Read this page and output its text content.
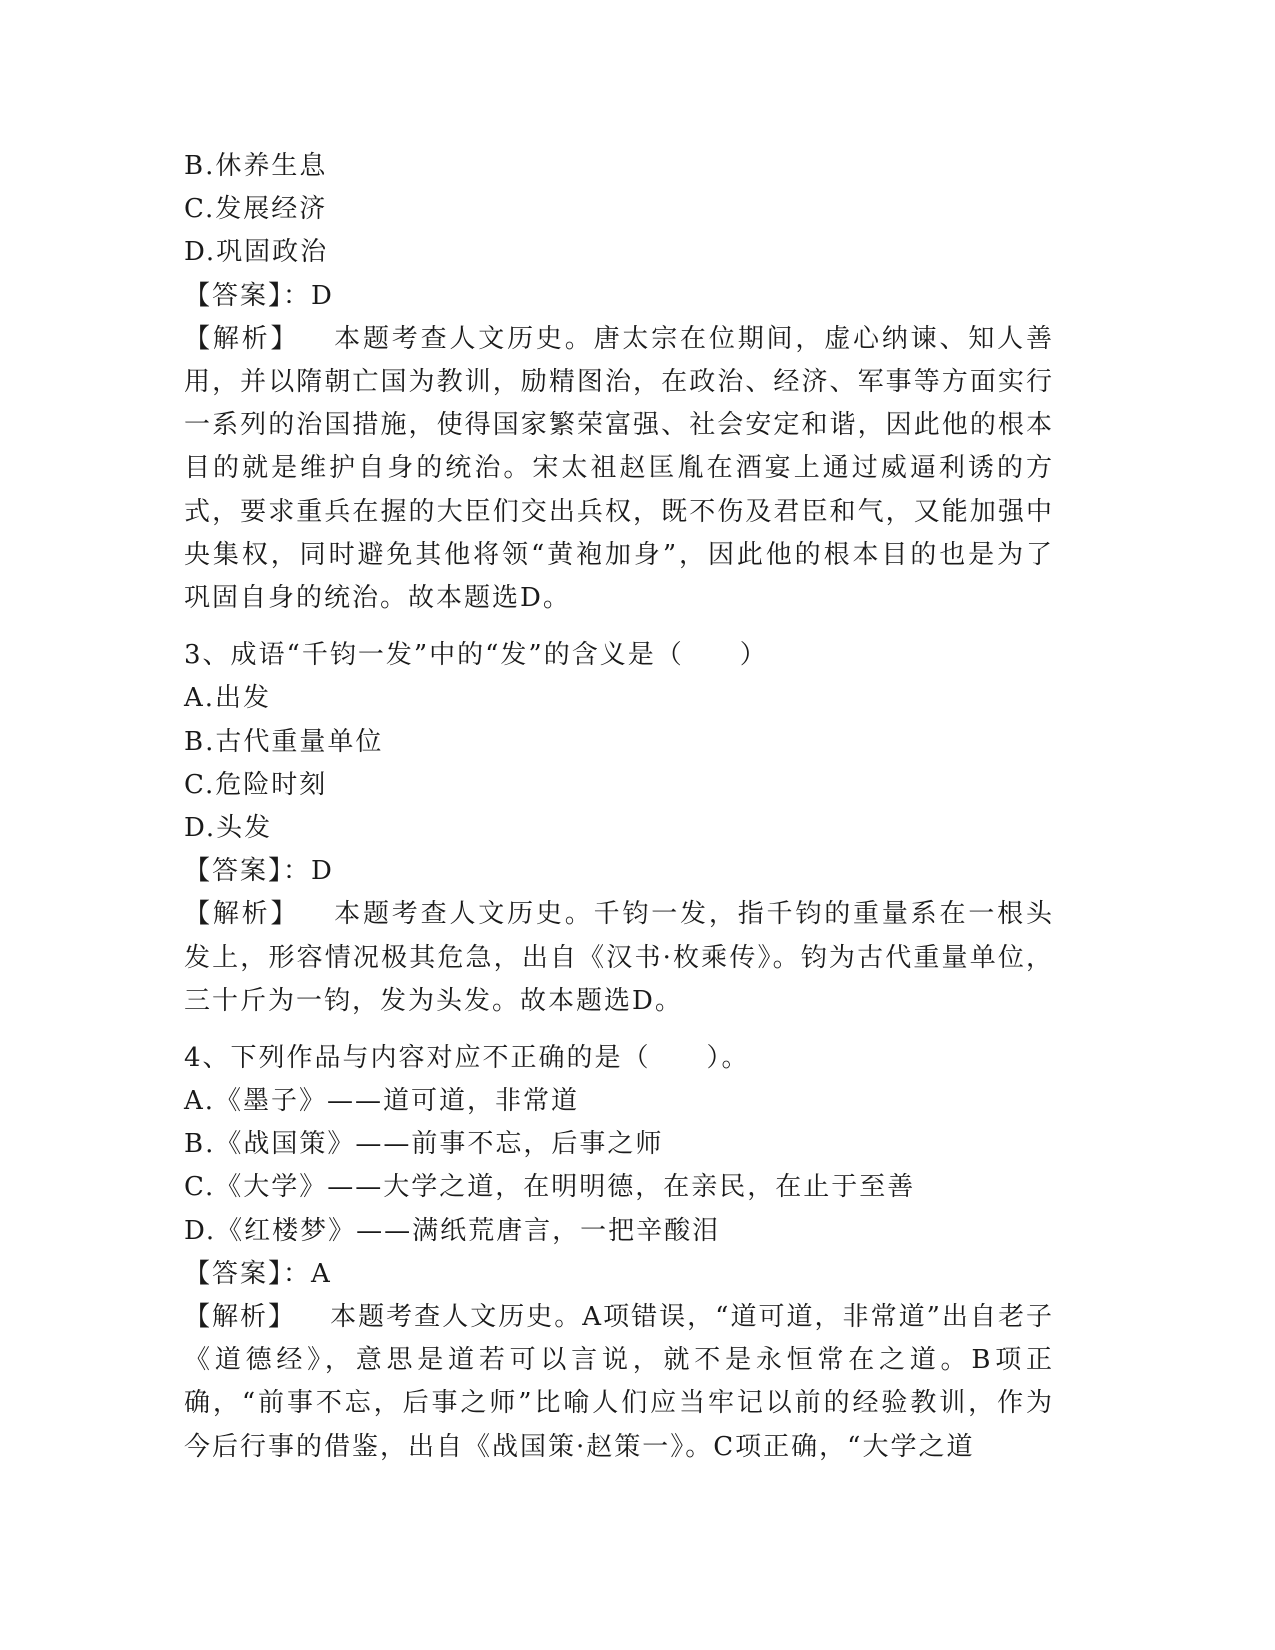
B.休养生息
C.发展经济
D.巩固政治
【答案】：D
【解析】 本题考查人文历史。唐太宗在位期间，虚心纳谏、知人善用，并以隋朝亡国为教训，励精图治，在政治、经济、军事等方面实行一系列的治国措施，使得国家繁荣富强、社会安定和谐，因此他的根本目的就是维护自身的统治。宋太祖赵匡胤在酒宴上通过威逼利诱的方式，要求重兵在握的大臣们交出兵权，既不伤及君臣和气，又能加强中央集权，同时避免其他将领“黄袍加身”，因此他的根本目的也是为了巩固自身的统治。故本题选D。
3、成语“千钧一发”中的“发”的含义是（　　）
A.出发
B.古代重量单位
C.危险时刻
D.头发
【答案】：D
【解析】 本题考查人文历史。千钧一发，指千钧的重量系在一根头发上，形容情况极其危急，出自《汉书·枚乘传》。钧为古代重量单位，三十斤为一钧，发为头发。故本题选D。
4、下列作品与内容对应不正确的是（　　）。
A.《墨子》——道可道，非常道
B.《战国策》——前事不忘，后事之师
C.《大学》——大学之道，在明明德，在亲民，在止于至善
D.《红楼梦》——满纸荒唐言，一把辛酸泪
【答案】：A
【解析】 本题考查人文历史。A项错误，“道可道，非常道”出自老子《道德经》，意思是道若可以言说，就不是永恒常在之道。B项正确，“前事不忘，后事之师”比喻人们应当牢记以前的经验教训，作为今后行事的借鉴，出自《战国策·赵策一》。C项正确，“大学之道
